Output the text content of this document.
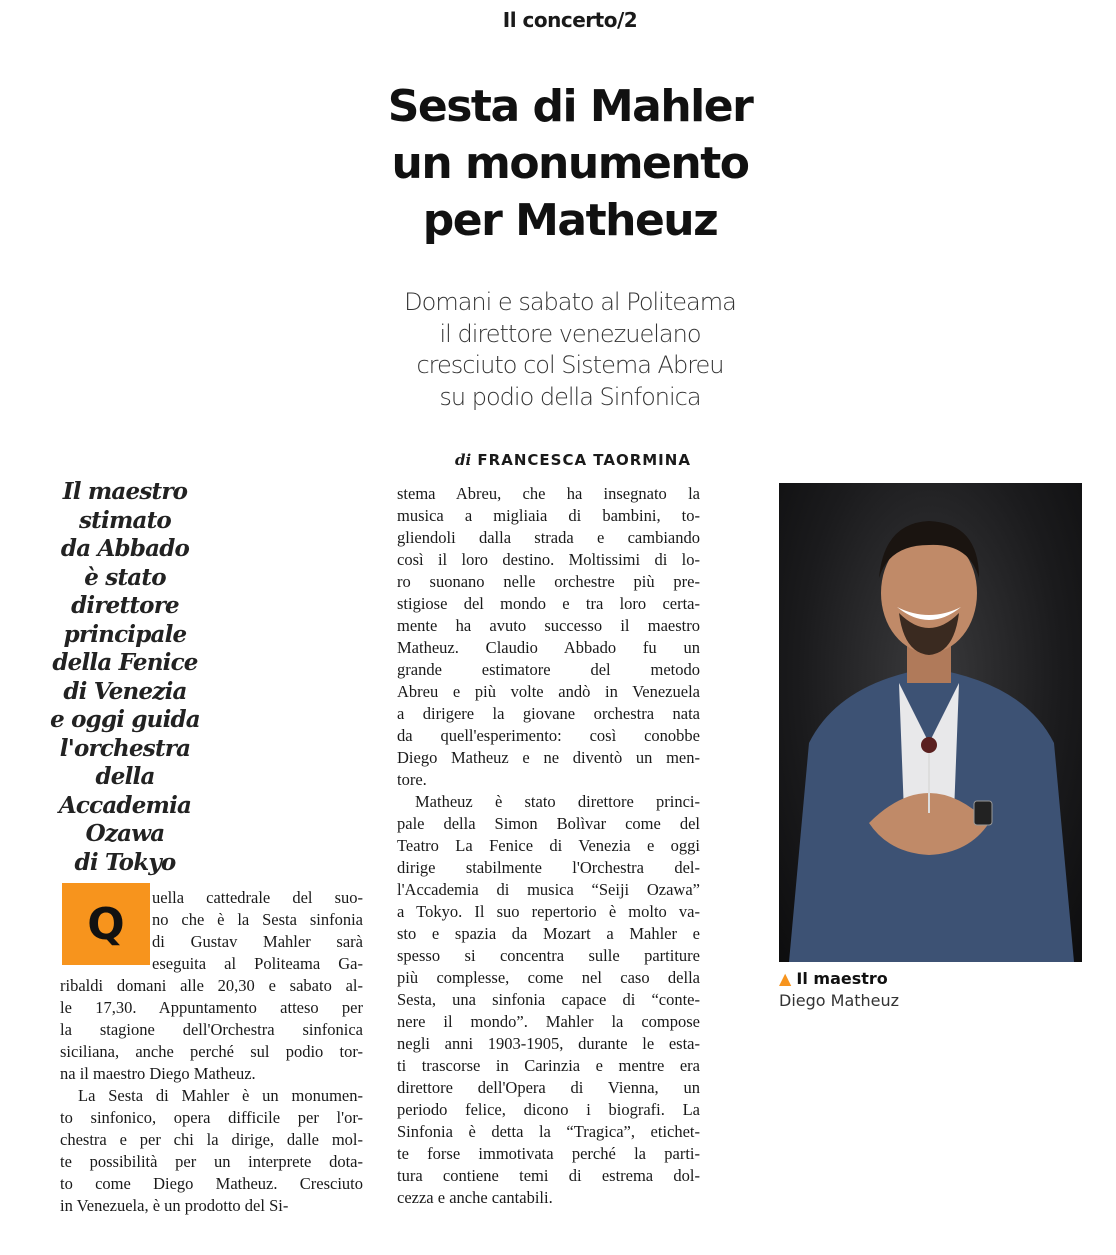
Il concerto/2
Sesta di Mahler
un monumento
per Matheuz
Domani e sabato al Politeama
il direttore venezuelano
cresciuto col Sistema Abreu
su podio della Sinfonica
di FRANCESCA TAORMINA
Il maestro
stimato
da Abbado
è stato
direttore
principale
della Fenice
di Venezia
e oggi guida
l'orchestra
della
Accademia
Ozawa
di Tokyo
Q
uella cattedrale del suo-
no che è la Sesta sinfonia
di Gustav Mahler sarà
eseguita al Politeama Ga-
ribaldi domani alle 20,30 e sabato al-
le 17,30. Appuntamento atteso per
la stagione dell'Orchestra sinfonica
siciliana, anche perché sul podio tor-
na il maestro Diego Matheuz.
La Sesta di Mahler è un monumen-
to sinfonico, opera difficile per l'or-
chestra e per chi la dirige, dalle mol-
te possibilità per un interprete dota-
to come Diego Matheuz. Cresciuto
in Venezuela, è un prodotto del Si-
stema Abreu, che ha insegnato la
musica a migliaia di bambini, to-
gliendoli dalla strada e cambiando
così il loro destino. Moltissimi di lo-
ro suonano nelle orchestre più pre-
stigiose del mondo e tra loro certa-
mente ha avuto successo il maestro
Matheuz. Claudio Abbado fu un
grande estimatore del metodo
Abreu e più volte andò in Venezuela
a dirigere la giovane orchestra nata
da quell'esperimento: così conobbe
Diego Matheuz e ne diventò un men-
tore.
Matheuz è stato direttore princi-
pale della Simon Bolìvar come del
Teatro La Fenice di Venezia e oggi
dirige stabilmente l'Orchestra del-
l'Accademia di musica “Seiji Ozawa”
a Tokyo. Il suo repertorio è molto va-
sto e spazia da Mozart a Mahler e
spesso si concentra sulle partiture
più complesse, come nel caso della
Sesta, una sinfonia capace di “conte-
nere il mondo”. Mahler la compose
negli anni 1903-1905, durante le esta-
ti trascorse in Carinzia e mentre era
direttore dell'Opera di Vienna, un
periodo felice, dicono i biografi. La
Sinfonia è detta la “Tragica”, etichet-
te forse immotivata perché la parti-
tura contiene temi di estrema dol-
cezza e anche cantabili.
▲ Il maestro
Diego Matheuz
